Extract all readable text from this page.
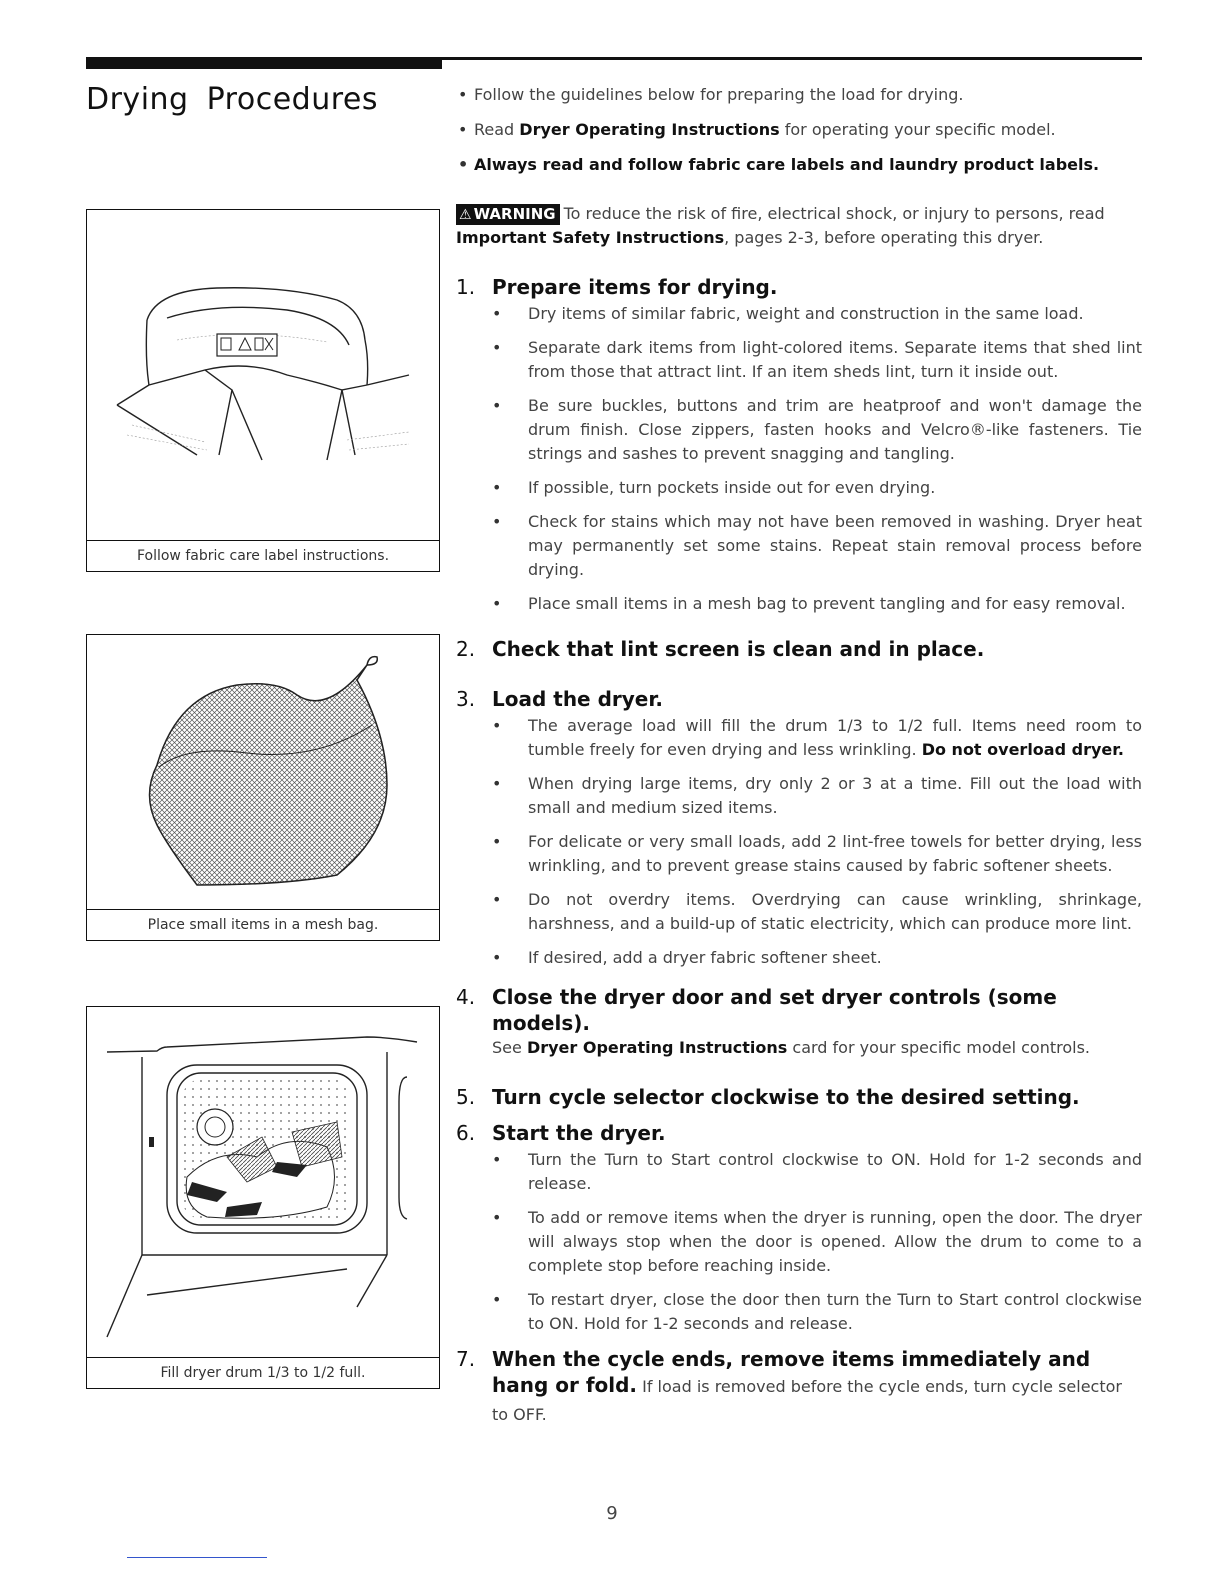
Drying Procedures
Follow fabric care label instructions.
Place small items in a mesh bag.
Fill dryer drum 1/3 to 1/2 full.
• Follow the guidelines below for preparing the load for drying.
• Read Dryer Operating Instructions for operating your specific model.
• Always read and follow fabric care labels and laundry product labels.
⚠ WARNING To reduce the risk of fire, electrical shock, or injury to persons, read Important Safety Instructions, pages 2-3, before operating this dryer.
1. Prepare items for drying.
• Dry items of similar fabric, weight and construction in the same load.
• Separate dark items from light-colored items. Separate items that shed lint from those that attract lint. If an item sheds lint, turn it inside out.
• Be sure buckles, buttons and trim are heatproof and won't damage the drum finish. Close zippers, fasten hooks and Velcro®-like fasteners. Tie strings and sashes to prevent snagging and tangling.
• If possible, turn pockets inside out for even drying.
• Check for stains which may not have been removed in washing. Dryer heat may permanently set some stains. Repeat stain removal process before drying.
• Place small items in a mesh bag to prevent tangling and for easy removal.
2. Check that lint screen is clean and in place.
3. Load the dryer.
• The average load will fill the drum 1/3 to 1/2 full. Items need room to tumble freely for even drying and less wrinkling. Do not overload dryer.
• When drying large items, dry only 2 or 3 at a time. Fill out the load with small and medium sized items.
• For delicate or very small loads, add 2 lint-free towels for better drying, less wrinkling, and to prevent grease stains caused by fabric softener sheets.
• Do not overdry items. Overdrying can cause wrinkling, shrinkage, harshness, and a build-up of static electricity, which can produce more lint.
• If desired, add a dryer fabric softener sheet.
4. Close the dryer door and set dryer controls (some models).
See Dryer Operating Instructions card for your specific model controls.
5. Turn cycle selector clockwise to the desired setting.
6. Start the dryer.
• Turn the Turn to Start control clockwise to ON. Hold for 1-2 seconds and release.
• To add or remove items when the dryer is running, open the door. The dryer will always stop when the door is opened. Allow the drum to come to a complete stop before reaching inside.
• To restart dryer, close the door then turn the Turn to Start control clockwise to ON. Hold for 1-2 seconds and release.
7. When the cycle ends, remove items immediately and hang or fold. If load is removed before the cycle ends, turn cycle selector to OFF.
9
